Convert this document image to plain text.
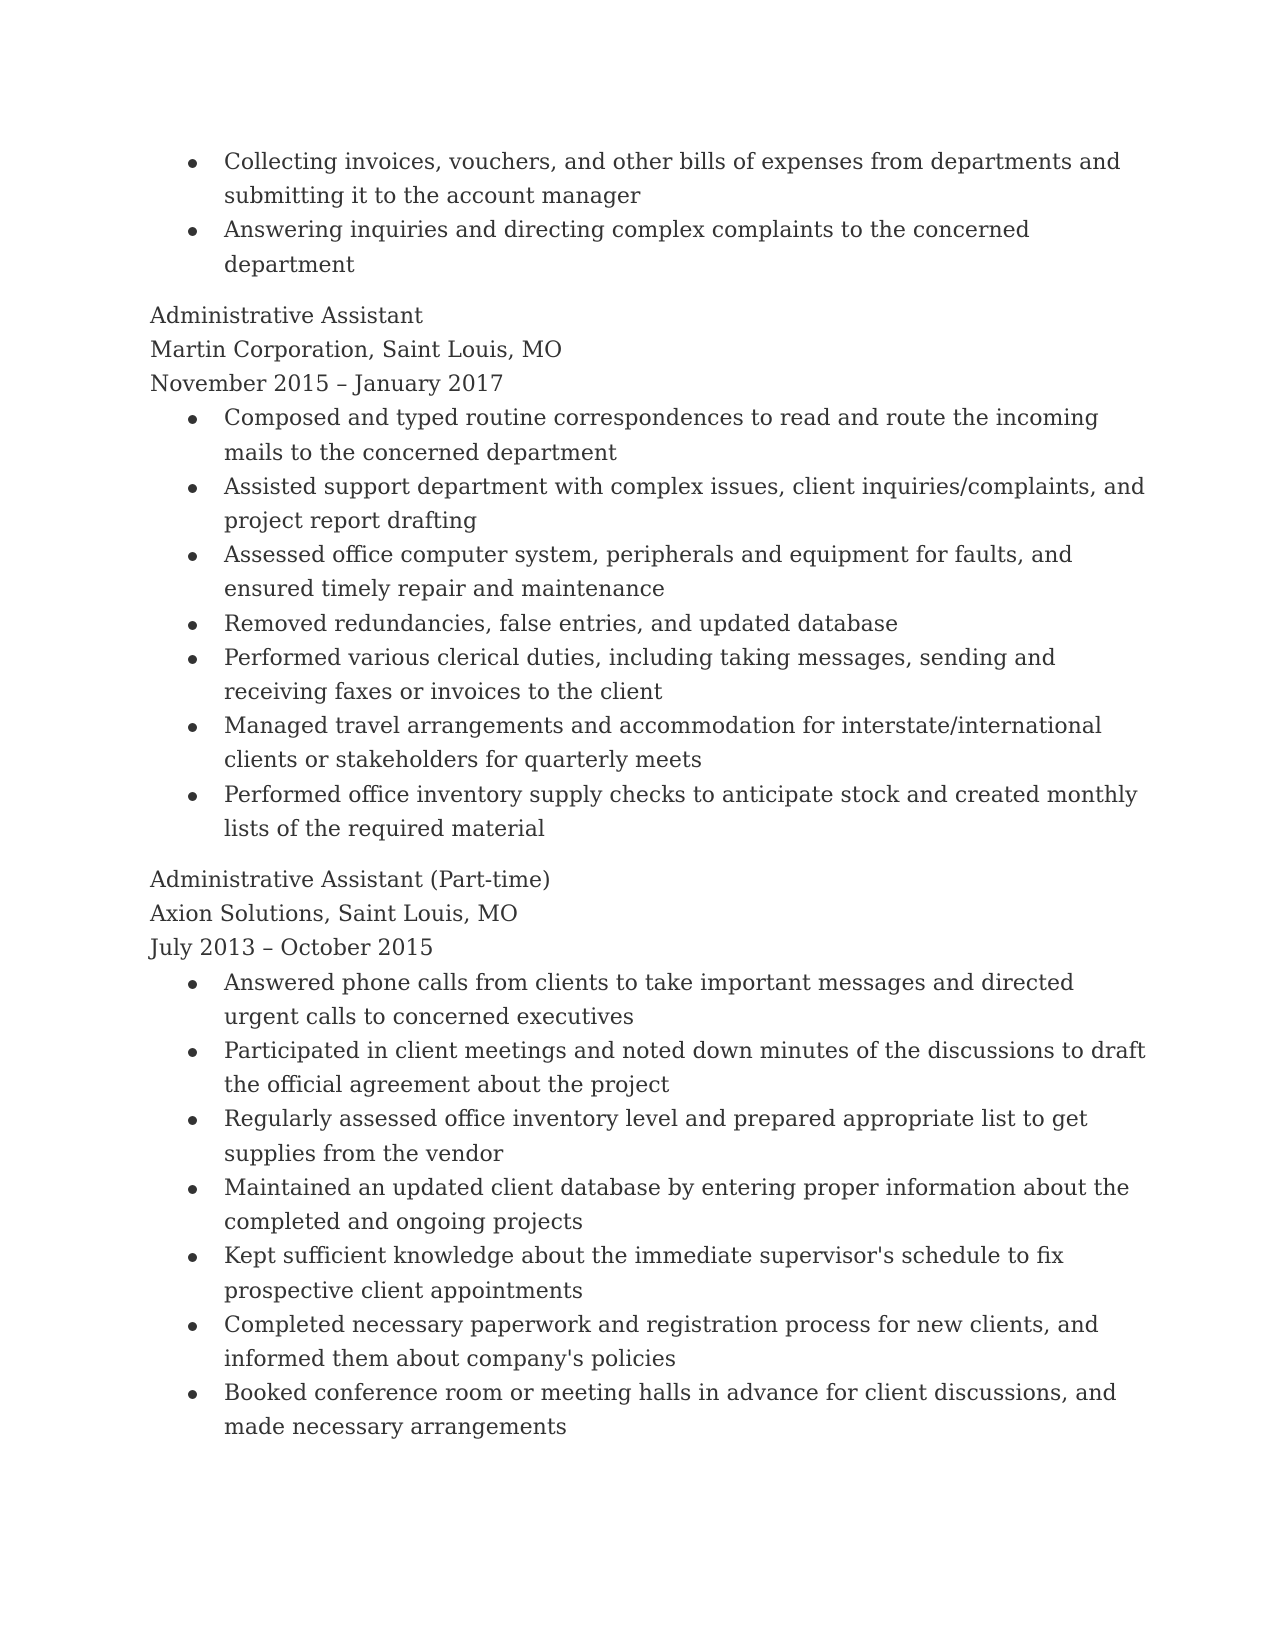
Collecting invoices, vouchers, and other bills of expenses from departments and submitting it to the account manager
Answering inquiries and directing complex complaints to the concerned department
Administrative Assistant
Martin Corporation, Saint Louis, MO
November 2015 – January 2017
Composed and typed routine correspondences to read and route the incoming mails to the concerned department
Assisted support department with complex issues, client inquiries/complaints, and project report drafting
Assessed office computer system, peripherals and equipment for faults, and ensured timely repair and maintenance
Removed redundancies, false entries, and updated database
Performed various clerical duties, including taking messages, sending and receiving faxes or invoices to the client
Managed travel arrangements and accommodation for interstate/international clients or stakeholders for quarterly meets
Performed office inventory supply checks to anticipate stock and created monthly lists of the required material
Administrative Assistant (Part-time)
Axion Solutions, Saint Louis, MO
July 2013 – October 2015
Answered phone calls from clients to take important messages and directed urgent calls to concerned executives
Participated in client meetings and noted down minutes of the discussions to draft the official agreement about the project
Regularly assessed office inventory level and prepared appropriate list to get supplies from the vendor
Maintained an updated client database by entering proper information about the completed and ongoing projects
Kept sufficient knowledge about the immediate supervisor's schedule to fix prospective client appointments
Completed necessary paperwork and registration process for new clients, and informed them about company's policies
Booked conference room or meeting halls in advance for client discussions, and made necessary arrangements
